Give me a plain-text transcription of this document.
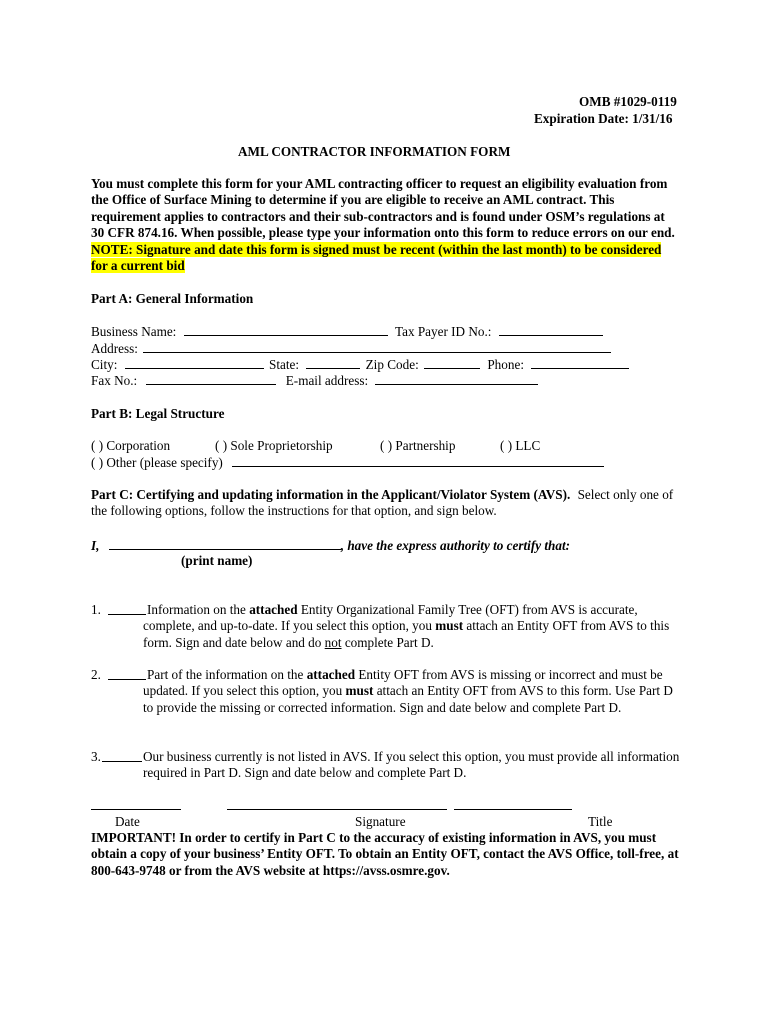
OMB #1029-0119
Expiration Date: 1/31/16
AML CONTRACTOR INFORMATION FORM
You must complete this form for your AML contracting officer to request an eligibility evaluation from the Office of Surface Mining to determine if you are eligible to receive an AML contract. This requirement applies to contractors and their sub-contractors and is found under OSM’s regulations at 30 CFR 874.16. When possible, please type your information onto this form to reduce errors on our end. NOTE: Signature and date this form is signed must be recent (within the last month) to be considered for a current bid
Part A: General Information
Business Name:	Tax Payer ID No.:
Address:
City:	State:	Zip Code:	Phone:
Fax No.:	E-mail address:
Part B: Legal Structure
( ) Corporation	( ) Sole Proprietorship	( ) Partnership	( ) LLC
( ) Other (please specify)
Part C: Certifying and updating information in the Applicant/Violator System (AVS). Select only one of the following options, follow the instructions for that option, and sign below.
I,	, have the express authority to certify that:
(print name)
1.	Information on the attached Entity Organizational Family Tree (OFT) from AVS is accurate, complete, and up-to-date. If you select this option, you must attach an Entity OFT from AVS to this form. Sign and date below and do not complete Part D.
2.	Part of the information on the attached Entity OFT from AVS is missing or incorrect and must be updated. If you select this option, you must attach an Entity OFT from AVS to this form. Use Part D to provide the missing or corrected information. Sign and date below and complete Part D.
3.	Our business currently is not listed in AVS. If you select this option, you must provide all information required in Part D. Sign and date below and complete Part D.
Date	Signature	Title
IMPORTANT! In order to certify in Part C to the accuracy of existing information in AVS, you must obtain a copy of your business’ Entity OFT. To obtain an Entity OFT, contact the AVS Office, toll-free, at 800-643-9748 or from the AVS website at https://avss.osmre.gov.
